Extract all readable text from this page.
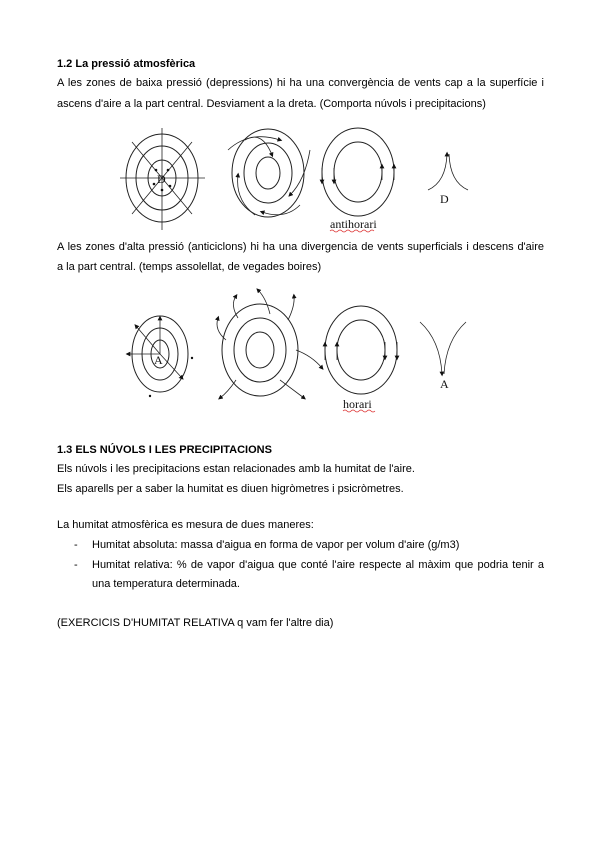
1.2 La pressió atmosfèrica
A les zones de baixa pressió (depressions) hi ha una convergència de vents cap a la superfície i
ascens d'aire a la part central. Desviament a la dreta. (Comporta núvols i precipitacions)
D
antihorari
D
A les zones d'alta pressió (anticiclons) hi ha una divergencia de vents superficials i descens d'aire
a la part central. (temps assolellat, de vegades boires)
A
horari
A
1.3 ELS NÚVOLS I LES PRECIPITACIONS
Els núvols i les precipitacions estan relacionades amb la humitat de l'aire.
Els aparells per a saber la humitat es diuen higròmetres i psicròmetres.
La humitat atmosfèrica es mesura de dues maneres:
- Humitat absoluta: massa d'aigua en forma de vapor per volum d'aire (g/m3)
- Humitat relativa: % de vapor d'aigua que conté l'aire respecte al màxim que podria tenir a
una temperatura determinada.
(EXERCICIS D'HUMITAT RELATIVA q vam fer l'altre dia)
